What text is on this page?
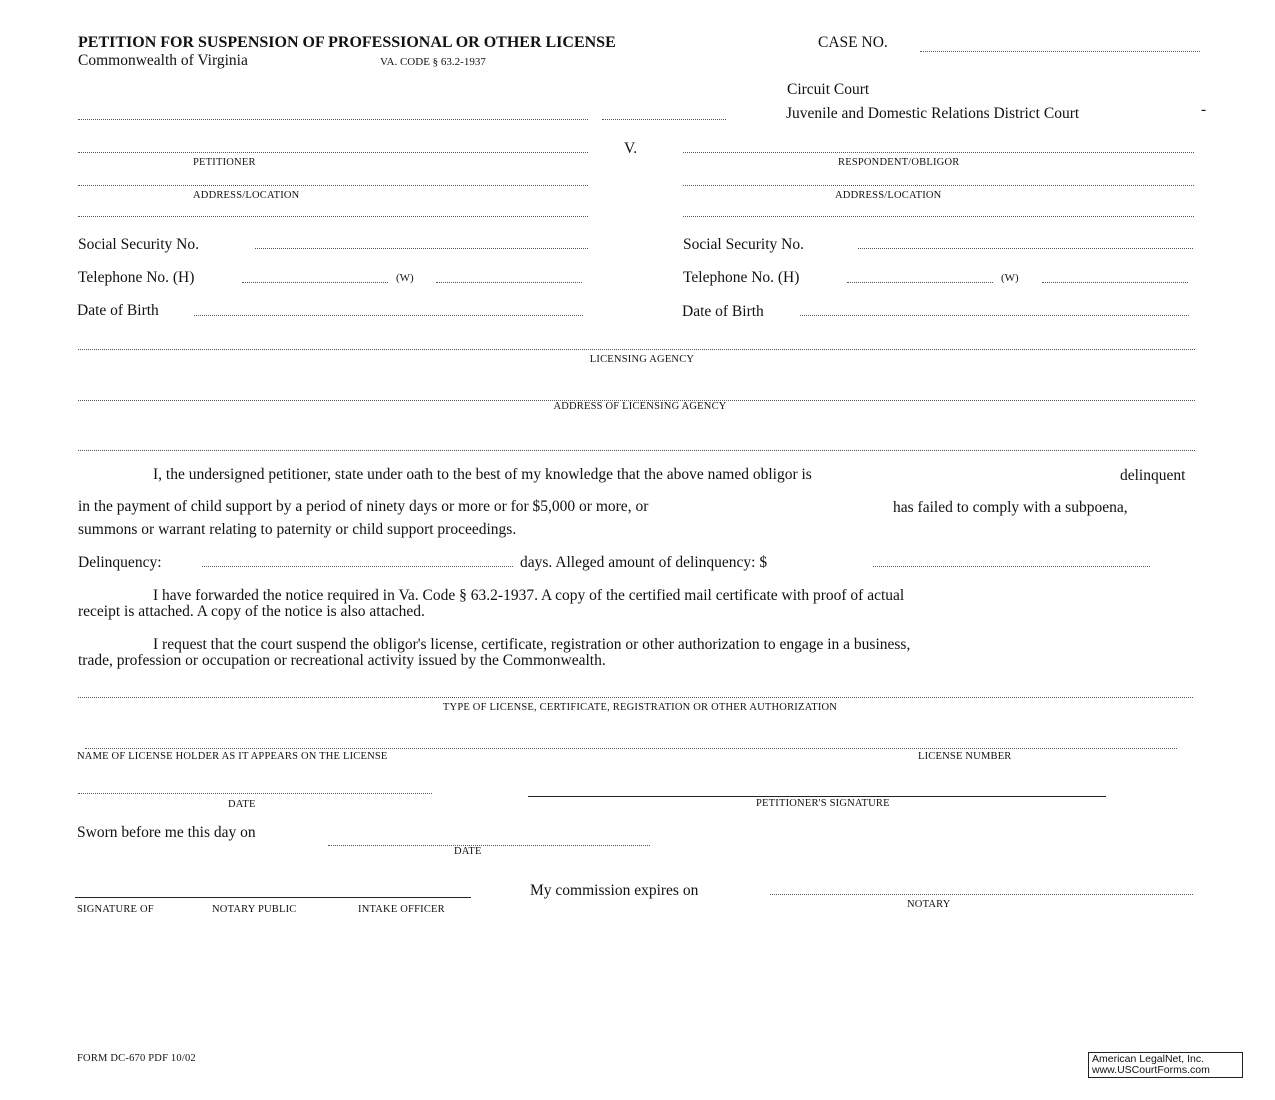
PETITION FOR SUSPENSION OF PROFESSIONAL OR OTHER LICENSE	CASE NO.
Commonwealth of Virginia	VA. CODE § 63.2-1937
Circuit Court
Juvenile and Domestic Relations District Court	-
V.
PETITIONER	RESPONDENT/OBLIGOR
ADDRESS/LOCATION	ADDRESS/LOCATION
Social Security No.	Social Security No.
Telephone No. (H)	(W)	Telephone No. (H)	(W)
Date of Birth	Date of Birth
LICENSING AGENCY
ADDRESS OF LICENSING AGENCY
I, the undersigned petitioner, state under oath to the best of my knowledge that the above named obligor is	delinquent
in the payment of child support by a period of ninety days or more or for $5,000 or more, or	has failed to comply with a subpoena,
summons or warrant relating to paternity or child support proceedings.
Delinquency:	days. Alleged amount of delinquency: $
I have forwarded the notice required in Va. Code § 63.2-1937. A copy of the certified mail certificate with proof of actual
receipt is attached. A copy of the notice is also attached.
I request that the court suspend the obligor's license, certificate, registration or other authorization to engage in a business,
trade, profession or occupation or recreational activity issued by the Commonwealth.
TYPE OF LICENSE, CERTIFICATE, REGISTRATION OR OTHER AUTHORIZATION
NAME OF LICENSE HOLDER AS IT APPEARS ON THE LICENSE	LICENSE NUMBER
DATE	PETITIONER'S SIGNATURE
Sworn before me this day on
DATE
SIGNATURE OF	NOTARY PUBLIC	INTAKE OFFICER
My commission expires on
NOTARY
FORM DC-670 PDF 10/02	American LegalNet, Inc.
www.USCourtForms.com
